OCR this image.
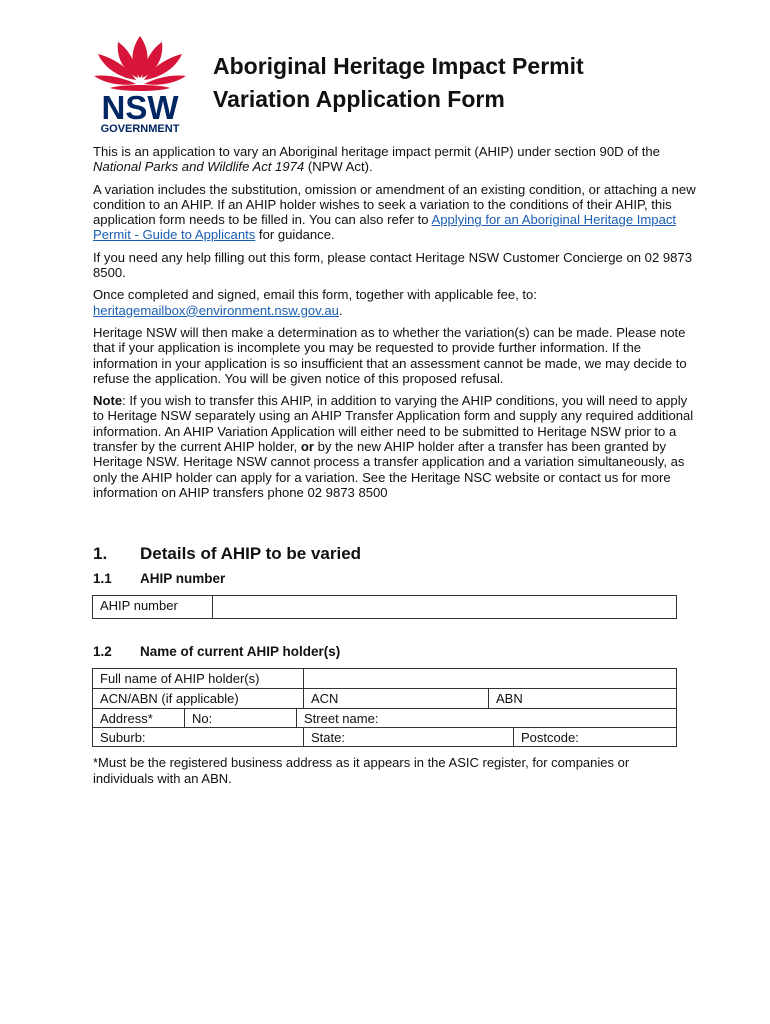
NSW
GOVERNMENT
Aboriginal Heritage Impact Permit
Variation Application Form

This is an application to vary an Aboriginal heritage impact permit (AHIP) under section 90D of the National Parks and Wildlife Act 1974 (NPW Act).

A variation includes the substitution, omission or amendment of an existing condition, or attaching a new condition to an AHIP. If an AHIP holder wishes to seek a variation to the conditions of their AHIP, this application form needs to be filled in. You can also refer to Applying for an Aboriginal Heritage Impact Permit - Guide to Applicants for guidance.

If you need any help filling out this form, please contact Heritage NSW Customer Concierge on 02 9873 8500.

Once completed and signed, email this form, together with applicable fee, to: heritagemailbox@environment.nsw.gov.au.

Heritage NSW will then make a determination as to whether the variation(s) can be made. Please note that if your application is incomplete you may be requested to provide further information. If the information in your application is so insufficient that an assessment cannot be made, we may decide to refuse the application. You will be given notice of this proposed refusal.

Note: If you wish to transfer this AHIP, in addition to varying the AHIP conditions, you will need to apply to Heritage NSW separately using an AHIP Transfer Application form and supply any required additional information. An AHIP Variation Application will either need to be submitted to Heritage NSW prior to a transfer by the current AHIP holder, or by the new AHIP holder after a transfer has been granted by Heritage NSW. Heritage NSW cannot process a transfer application and a variation simultaneously, as only the AHIP holder can apply for a variation. See the Heritage NSC website or contact us for more information on AHIP transfers phone 02 9873 8500

1. Details of AHIP to be varied
1.1 AHIP number
AHIP number
1.2 Name of current AHIP holder(s)
Full name of AHIP holder(s)
ACN/ABN (if applicable)	ACN	ABN
Address*	No:	Street name:
Suburb:	State:	Postcode:
*Must be the registered business address as it appears in the ASIC register, for companies or individuals with an ABN.
